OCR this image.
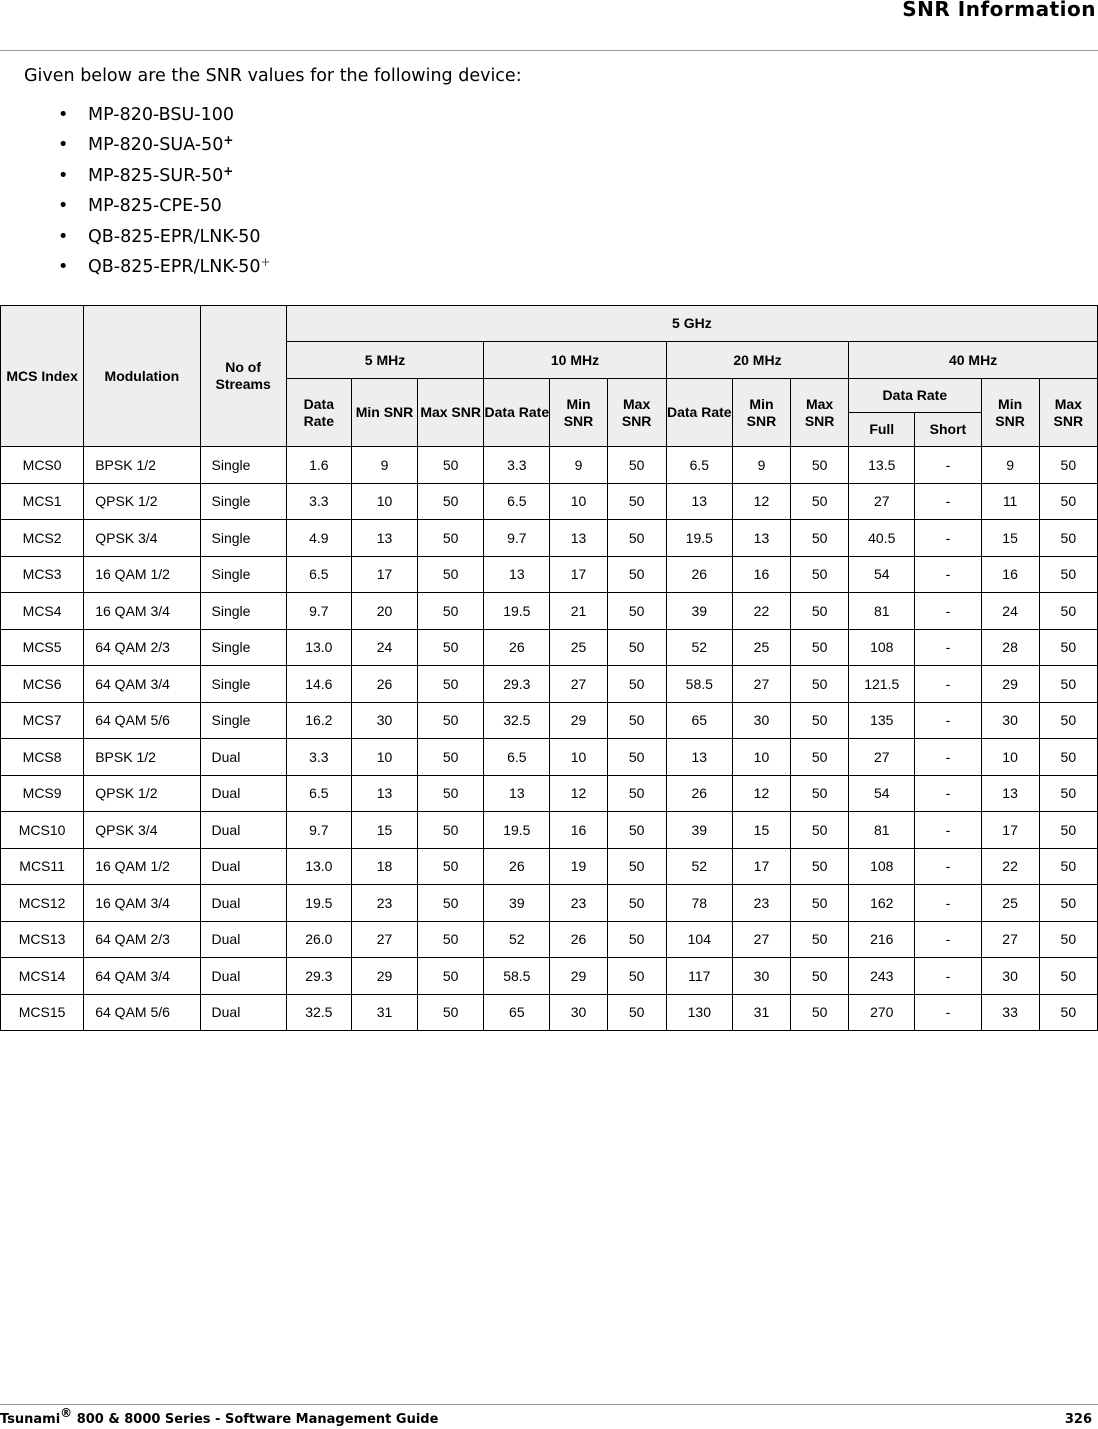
SNR Information
Given below are the SNR values for the following device:
• MP-820-BSU-100
• MP-820-SUA-50+
• MP-825-SUR-50+
• MP-825-CPE-50
• QB-825-EPR/LNK-50
• QB-825-EPR/LNK-50+
MCS Index	Modulation	No of Streams	5 GHz												
			5 MHz			10 MHz			20 MHz			40 MHz			
			Data Rate	Min SNR	Max SNR	Data Rate	Min SNR	Max SNR	Data Rate	Min SNR	Max SNR	Data Rate		Min SNR	Max SNR
												Full	Short		
MCS0	BPSK 1/2	Single	1.6	9	50	3.3	9	50	6.5	9	50	13.5	-	9	50
MCS1	QPSK 1/2	Single	3.3	10	50	6.5	10	50	13	12	50	27	-	11	50
MCS2	QPSK 3/4	Single	4.9	13	50	9.7	13	50	19.5	13	50	40.5	-	15	50
MCS3	16 QAM 1/2	Single	6.5	17	50	13	17	50	26	16	50	54	-	16	50
MCS4	16 QAM 3/4	Single	9.7	20	50	19.5	21	50	39	22	50	81	-	24	50
MCS5	64 QAM 2/3	Single	13.0	24	50	26	25	50	52	25	50	108	-	28	50
MCS6	64 QAM 3/4	Single	14.6	26	50	29.3	27	50	58.5	27	50	121.5	-	29	50
MCS7	64 QAM 5/6	Single	16.2	30	50	32.5	29	50	65	30	50	135	-	30	50
MCS8	BPSK 1/2	Dual	3.3	10	50	6.5	10	50	13	10	50	27	-	10	50
MCS9	QPSK 1/2	Dual	6.5	13	50	13	12	50	26	12	50	54	-	13	50
MCS10	QPSK 3/4	Dual	9.7	15	50	19.5	16	50	39	15	50	81	-	17	50
MCS11	16 QAM 1/2	Dual	13.0	18	50	26	19	50	52	17	50	108	-	22	50
MCS12	16 QAM 3/4	Dual	19.5	23	50	39	23	50	78	23	50	162	-	25	50
MCS13	64 QAM 2/3	Dual	26.0	27	50	52	26	50	104	27	50	216	-	27	50
MCS14	64 QAM 3/4	Dual	29.3	29	50	58.5	29	50	117	30	50	243	-	30	50
MCS15	64 QAM 5/6	Dual	32.5	31	50	65	30	50	130	31	50	270	-	33	50
Tsunami® 800 & 8000 Series - Software Management Guide	326
